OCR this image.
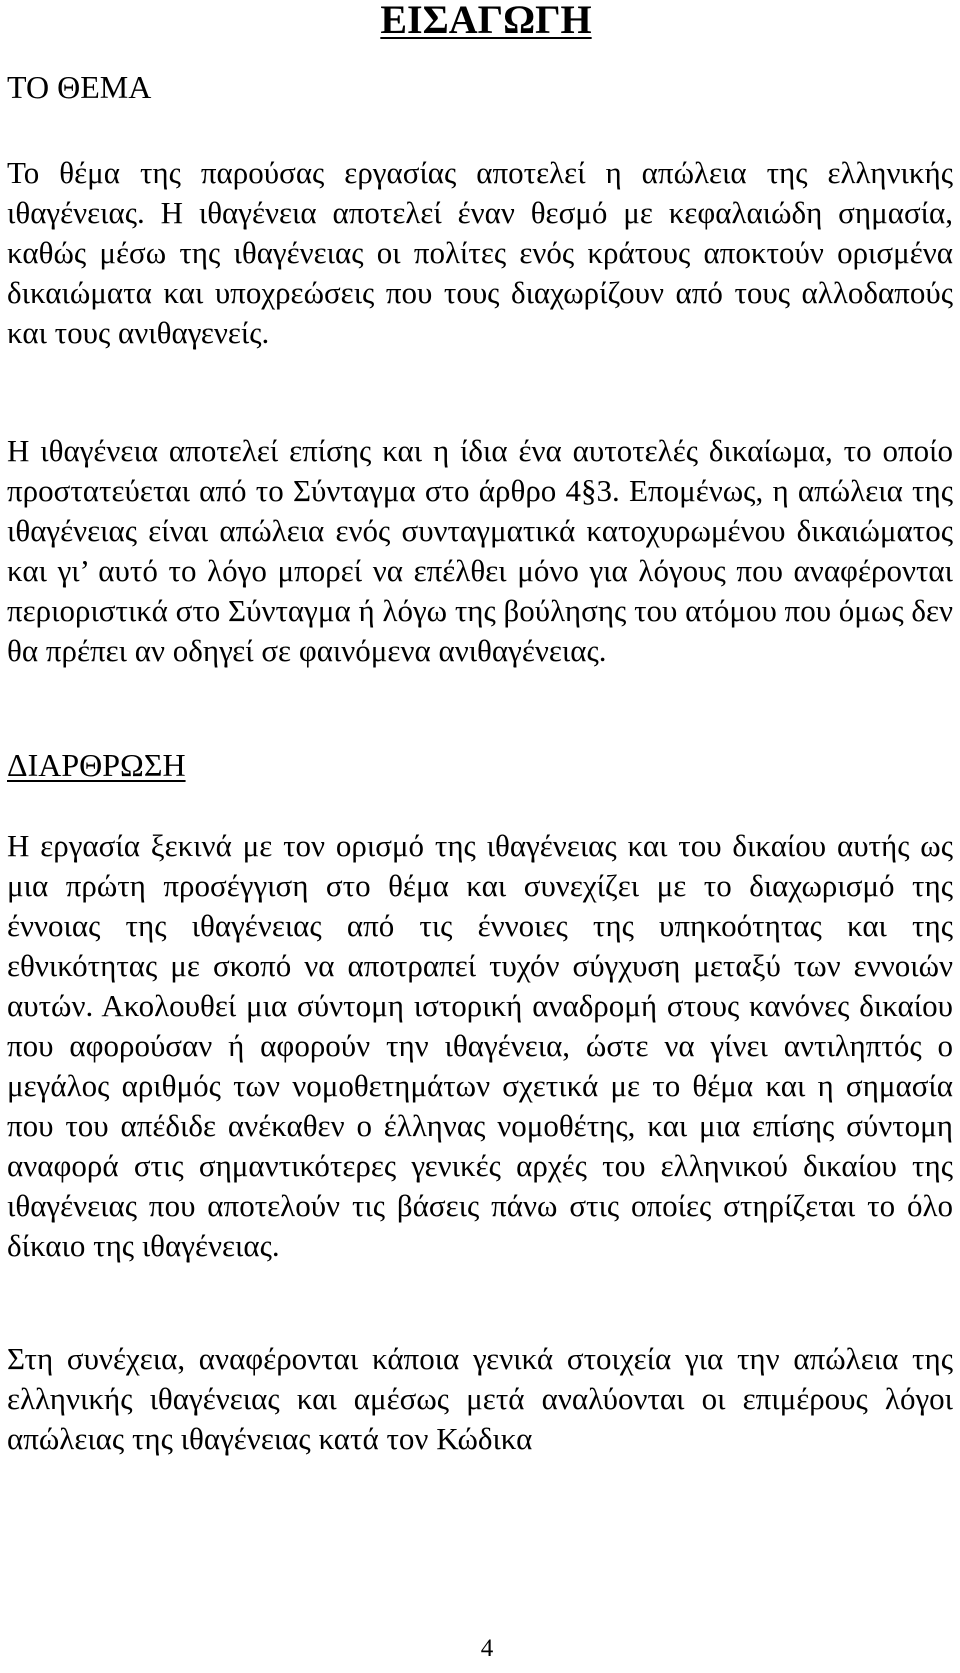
ΕΙΣΑΓΩΓΗ
ΤΟ ΘΕΜΑ

Το θέμα της παρούσας εργασίας αποτελεί η απώλεια της ελληνικής ιθαγένειας. Η ιθαγένεια αποτελεί έναν θεσμό με κεφαλαιώδη σημασία, καθώς μέσω της ιθαγένειας οι πολίτες ενός κράτους αποκτούν ορισμένα δικαιώματα και υποχρεώσεις που τους διαχωρίζουν από τους αλλοδαπούς και τους ανιθαγενείς.

Η ιθαγένεια αποτελεί επίσης και η ίδια ένα αυτοτελές δικαίωμα, το οποίο προστατεύεται από το Σύνταγμα στο άρθρο 4§3. Επομένως, η απώλεια της ιθαγένειας είναι απώλεια ενός συνταγματικά κατοχυρωμένου δικαιώματος και γι’ αυτό το λόγο μπορεί να επέλθει μόνο για λόγους που αναφέρονται περιοριστικά στο Σύνταγμα ή λόγω της βούλησης του ατόμου που όμως δεν θα πρέπει αν οδηγεί σε φαινόμενα ανιθαγένειας.

ΔΙΑΡΘΡΩΣΗ

Η εργασία ξεκινά με τον ορισμό της ιθαγένειας και του δικαίου αυτής ως μια πρώτη προσέγγιση στο θέμα και συνεχίζει με το διαχωρισμό της έννοιας της ιθαγένειας από τις έννοιες της υπηκοότητας και της εθνικότητας με σκοπό να αποτραπεί τυχόν σύγχυση μεταξύ των εννοιών αυτών. Ακολουθεί μια σύντομη ιστορική αναδρομή στους κανόνες δικαίου που αφορούσαν ή αφορούν την ιθαγένεια, ώστε να γίνει αντιληπτός ο μεγάλος αριθμός των νομοθετημάτων σχετικά με το θέμα και η σημασία που του απέδιδε ανέκαθεν ο έλληνας νομοθέτης, και μια επίσης σύντομη αναφορά στις σημαντικότερες γενικές αρχές του ελληνικού δικαίου της ιθαγένειας που αποτελούν τις βάσεις πάνω στις οποίες στηρίζεται το όλο δίκαιο της ιθαγένειας.

Στη συνέχεια, αναφέρονται κάποια γενικά στοιχεία για την απώλεια της ελληνικής ιθαγένειας και αμέσως μετά αναλύονται οι επιμέρους λόγοι απώλειας της ιθαγένειας κατά τον Κώδικα

4
